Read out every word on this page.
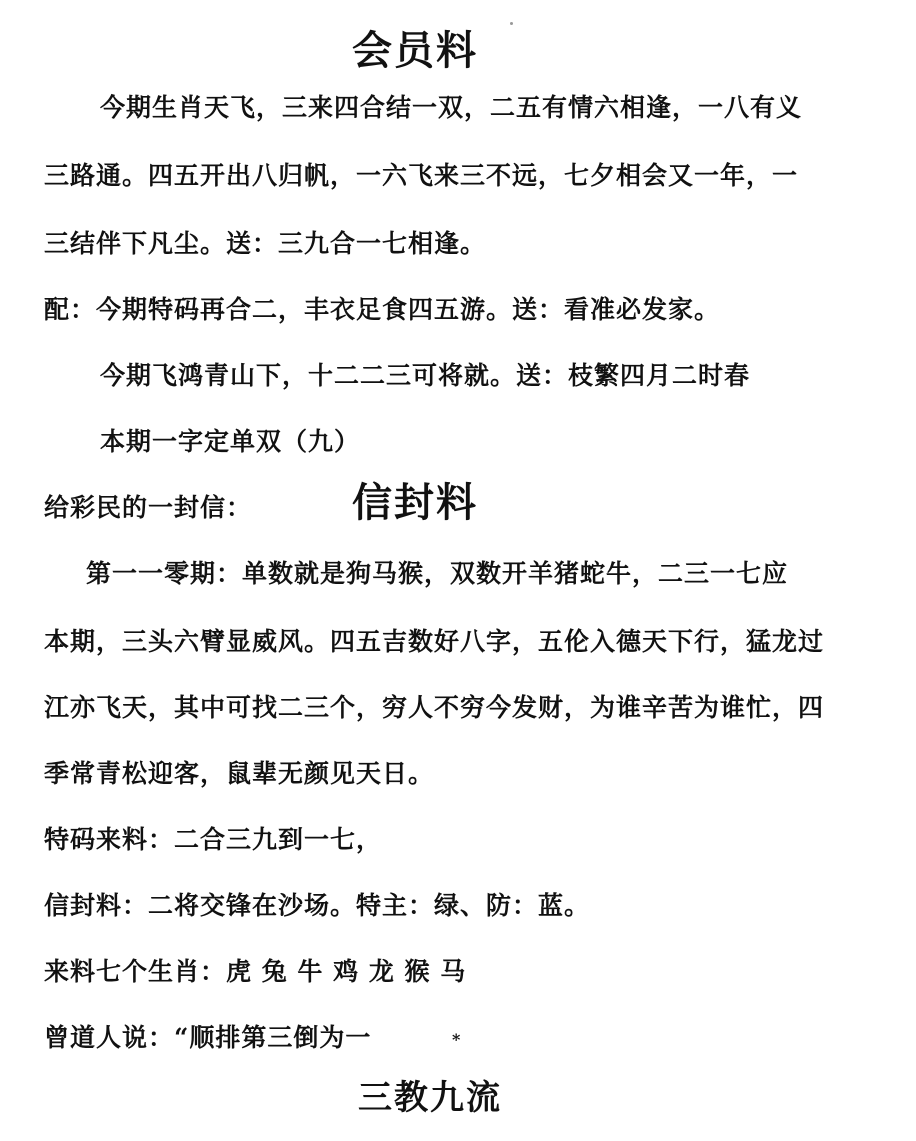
会员料
今期生肖天飞，三来四合结一双，二五有情六相逢，一八有义
三路通。四五开出八归帆，一六飞来三不远，七夕相会又一年，一
三结伴下凡尘。送：三九合一七相逢。
配：今期特码再合二，丰衣足食四五游。送：看准必发家。
今期飞鸿青山下，十二二三可将就。送：枝繁四月二时春
本期一字定单双（九）
给彩民的一封信： 信封料
第一一零期：单数就是狗马猴，双数开羊猪蛇牛，二三一七应
本期，三头六臂显威风。四五吉数好八字，五伦入德天下行，猛龙过
江亦飞天，其中可找二三个，穷人不穷今发财，为谁辛苦为谁忙，四
季常青松迎客，鼠辈无颜见天日。
特码来料：二合三九到一七，
信封料：二将交锋在沙场。特主：绿、防：蓝。
来料七个生肖：虎 兔 牛 鸡 龙 猴 马
曾道人说：“顺排第三倒为一	*
三教九流
